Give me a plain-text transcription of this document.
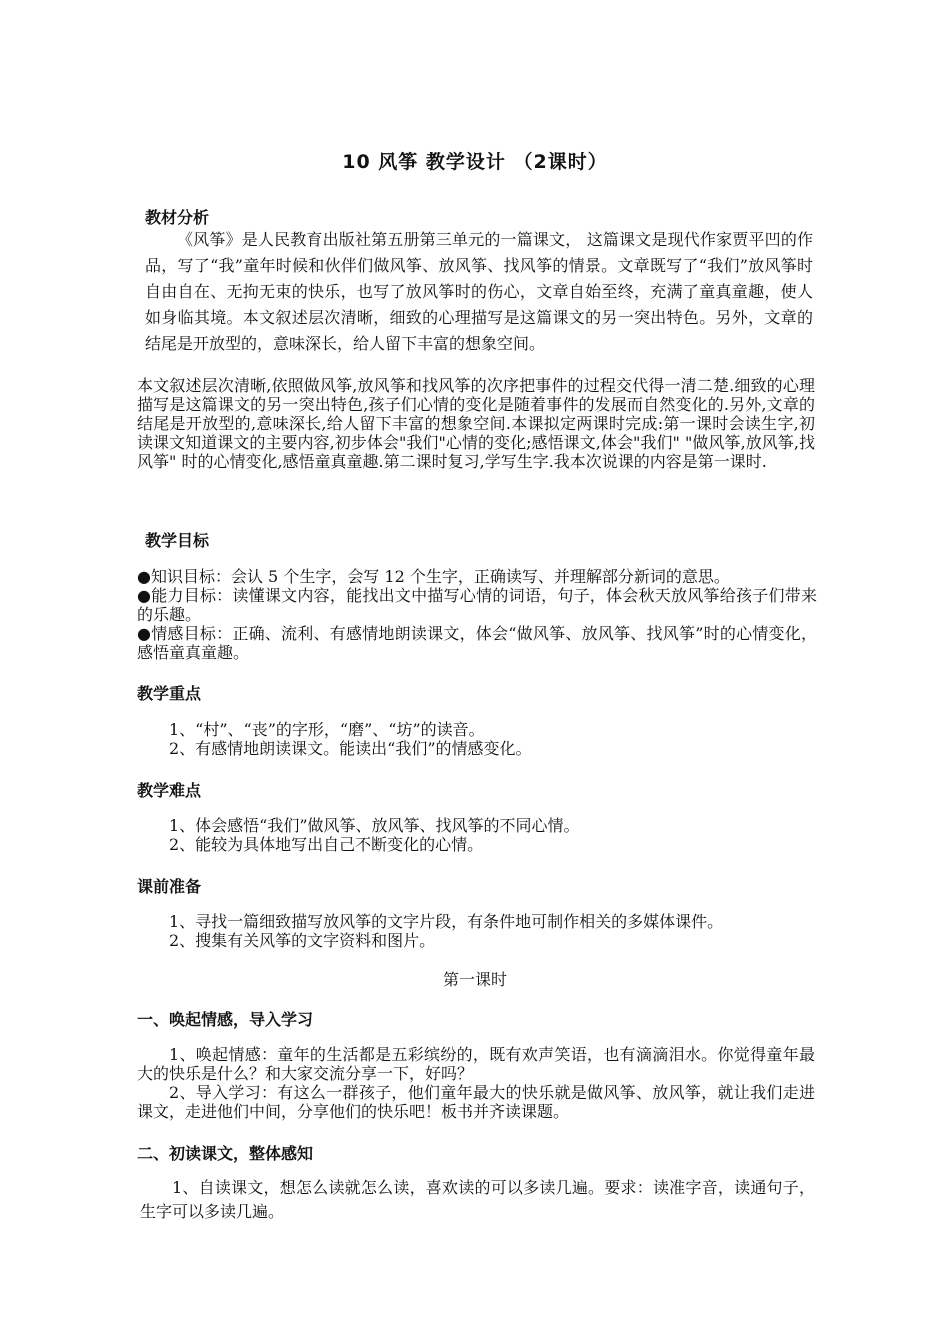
10 风筝 教学设计 （2课时）
教材分析
《风筝》是人民教育出版社第五册第三单元的一篇课文， 这篇课文是现代作家贾平凹的作品，写了“我”童年时候和伙伴们做风筝、放风筝、找风筝的情景。文章既写了“我们”放风筝时自由自在、无拘无束的快乐，也写了放风筝时的伤心，文章自始至终，充满了童真童趣，使人如身临其境。本文叙述层次清晰，细致的心理描写是这篇课文的另一突出特色。另外，文章的结尾是开放型的，意味深长，给人留下丰富的想象空间。
本文叙述层次清晰,依照做风筝,放风筝和找风筝的次序把事件的过程交代得一清二楚.细致的心理描写是这篇课文的另一突出特色,孩子们心情的变化是随着事件的发展而自然变化的.另外,文章的结尾是开放型的,意味深长,给人留下丰富的想象空间.本课拟定两课时完成:第一课时会读生字,初读课文知道课文的主要内容,初步体会"我们"心情的变化;感悟课文,体会"我们" "做风筝,放风筝,找风筝" 时的心情变化,感悟童真童趣.第二课时复习,学写生字.我本次说课的内容是第一课时.
教学目标
●知识目标：会认 5 个生字，会写 12 个生字，正确读写、并理解部分新词的意思。
●能力目标：读懂课文内容，能找出文中描写心情的词语，句子，体会秋天放风筝给孩子们带来的乐趣。
●情感目标：正确、流利、有感情地朗读课文，体会“做风筝、放风筝、找风筝”时的心情变化，感悟童真童趣。
教学重点
1、“村”、“丧”的字形，“磨”、“坊”的读音。
2、有感情地朗读课文。能读出“我们”的情感变化。
教学难点
1、体会感悟“我们”做风筝、放风筝、找风筝的不同心情。
2、能较为具体地写出自己不断变化的心情。
课前准备
1、寻找一篇细致描写放风筝的文字片段，有条件地可制作相关的多媒体课件。
2、搜集有关风筝的文字资料和图片。
第一课时
一、唤起情感，导入学习
1、唤起情感：童年的生活都是五彩缤纷的，既有欢声笑语，也有滴滴泪水。你觉得童年最大的快乐是什么？和大家交流分享一下，好吗？
2、导入学习：有这么一群孩子，他们童年最大的快乐就是做风筝、放风筝，就让我们走进课文，走进他们中间，分享他们的快乐吧！板书并齐读课题。
二、初读课文，整体感知
1、自读课文，想怎么读就怎么读，喜欢读的可以多读几遍。要求：读准字音，读通句子，生字可以多读几遍。
